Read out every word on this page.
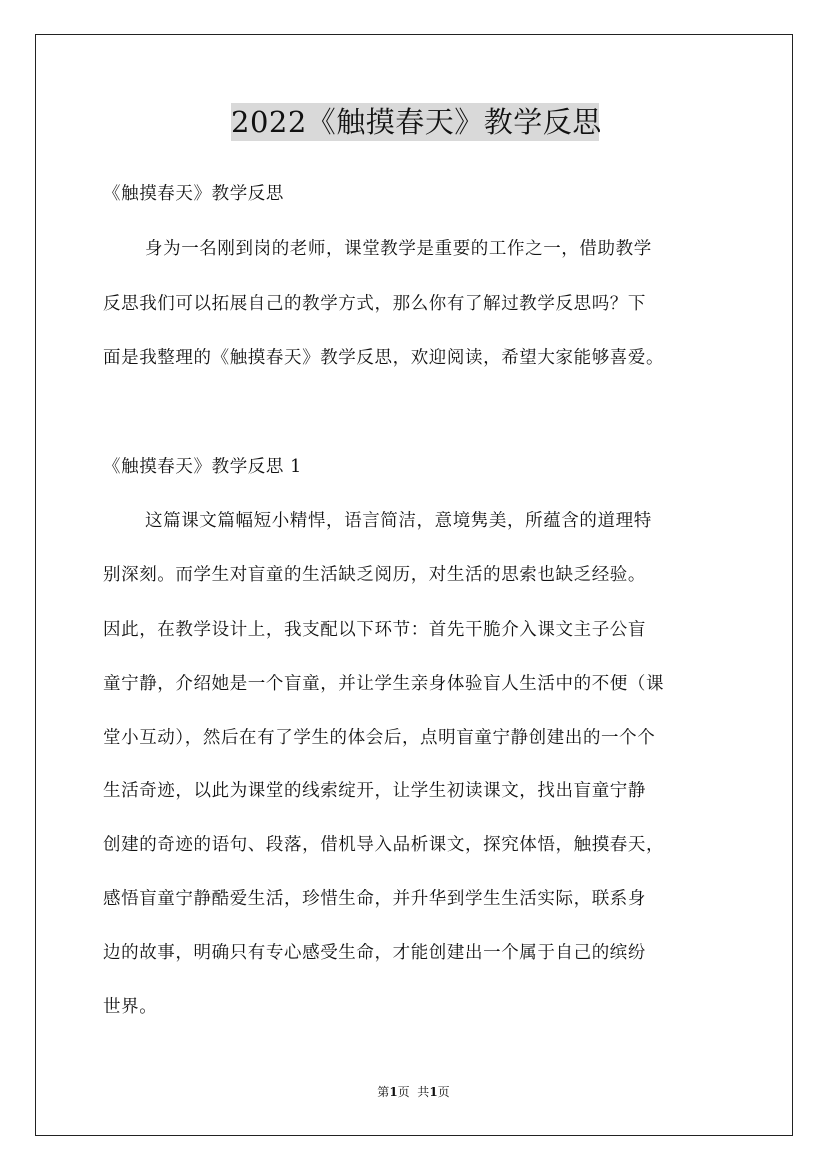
2022《触摸春天》教学反思
《触摸春天》教学反思
身为一名刚到岗的老师，课堂教学是重要的工作之一，借助教学
反思我们可以拓展自己的教学方式，那么你有了解过教学反思吗？下
面是我整理的《触摸春天》教学反思，欢迎阅读，希望大家能够喜爱。
《触摸春天》教学反思 1
这篇课文篇幅短小精悍，语言简洁，意境隽美，所蕴含的道理特
别深刻。而学生对盲童的生活缺乏阅历，对生活的思索也缺乏经验。
因此，在教学设计上，我支配以下环节：首先干脆介入课文主子公盲
童宁静，介绍她是一个盲童，并让学生亲身体验盲人生活中的不便（课
堂小互动），然后在有了学生的体会后，点明盲童宁静创建出的一个个
生活奇迹，以此为课堂的线索绽开，让学生初读课文，找出盲童宁静
创建的奇迹的语句、段落，借机导入品析课文，探究体悟，触摸春天，
感悟盲童宁静酷爱生活，珍惜生命，并升华到学生生活实际，联系身
边的故事，明确只有专心感受生命，才能创建出一个属于自己的缤纷
世界。
第1页  共1页
